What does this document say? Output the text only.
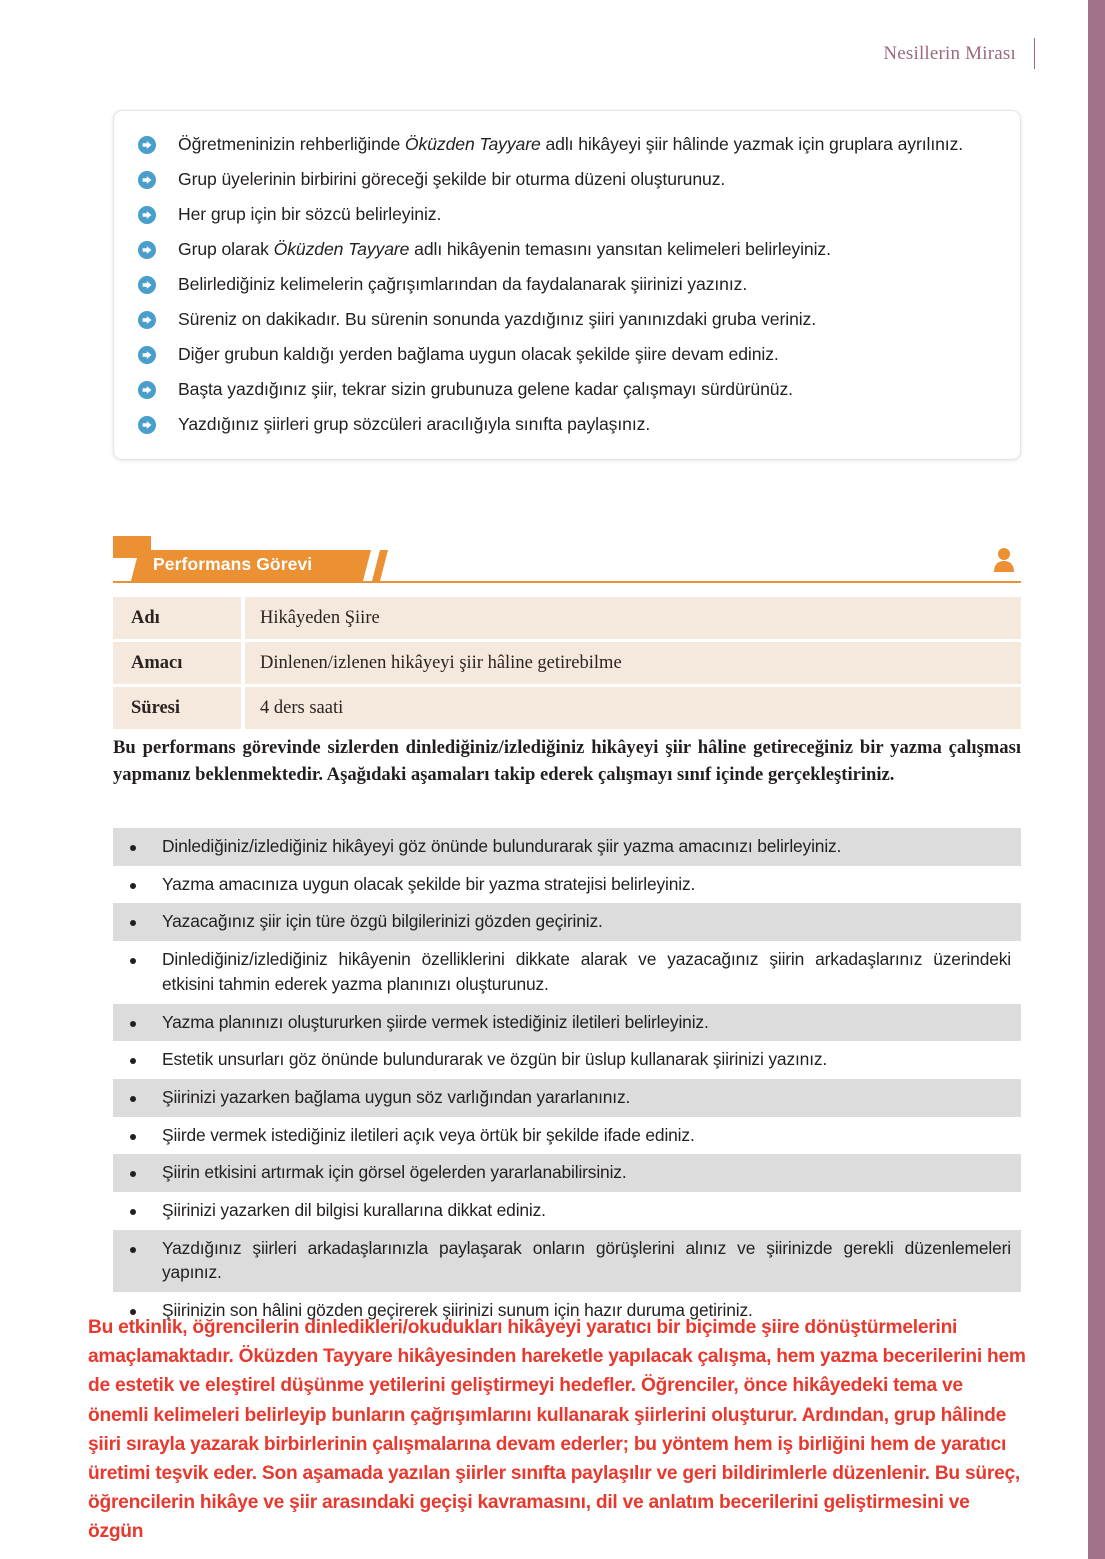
Nesillerin Mirası
Öğretmeninizin rehberliğinde Öküzden Tayyare adlı hikâyeyi şiir hâlinde yazmak için gruplara ayrılınız.
Grup üyelerinin birbirini göreceği şekilde bir oturma düzeni oluşturunuz.
Her grup için bir sözcü belirleyiniz.
Grup olarak Öküzden Tayyare adlı hikâyenin temasını yansıtan kelimeleri belirleyiniz.
Belirlediğiniz kelimelerin çağrışımlarından da faydalanarak şiirinizi yazınız.
Süreniz on dakikadır. Bu sürenin sonunda yazdığınız şiiri yanınızdaki gruba veriniz.
Diğer grubun kaldığı yerden bağlama uygun olacak şekilde şiire devam ediniz.
Başta yazdığınız şiir, tekrar sizin grubunuza gelene kadar çalışmayı sürdürünüz.
Yazdığınız şiirleri grup sözcüleri aracılığıyla sınıfta paylaşınız.
Performans Görevi
Adı	Hikâyeden Şiire
Amacı	Dinlenen/izlenen hikâyeyi şiir hâline getirebilme
Süresi	4 ders saati
Bu performans görevinde sizlerden dinlediğiniz/izlediğiniz hikâyeyi şiir hâline getireceğiniz bir yazma çalışması yapmanız beklenmektedir. Aşağıdaki aşamaları takip ederek çalışmayı sınıf içinde gerçekleştiriniz.
Dinlediğiniz/izlediğiniz hikâyeyi göz önünde bulundurarak şiir yazma amacınızı belirleyiniz.
Yazma amacınıza uygun olacak şekilde bir yazma stratejisi belirleyiniz.
Yazacağınız şiir için türe özgü bilgilerinizi gözden geçiriniz.
Dinlediğiniz/izlediğiniz hikâyenin özelliklerini dikkate alarak ve yazacağınız şiirin arkadaşlarınız üzerindeki etkisini tahmin ederek yazma planınızı oluşturunuz.
Yazma planınızı oluştururken şiirde vermek istediğiniz iletileri belirleyiniz.
Estetik unsurları göz önünde bulundurarak ve özgün bir üslup kullanarak şiirinizi yazınız.
Şiirinizi yazarken bağlama uygun söz varlığından yararlanınız.
Şiirde vermek istediğiniz iletileri açık veya örtük bir şekilde ifade ediniz.
Şiirin etkisini artırmak için görsel ögelerden yararlanabilirsiniz.
Şiirinizi yazarken dil bilgisi kurallarına dikkat ediniz.
Yazdığınız şiirleri arkadaşlarınızla paylaşarak onların görüşlerini alınız ve şiirinizde gerekli düzenlemeleri yapınız.
Şiirinizin son hâlini gözden geçirerek şiirinizi sunum için hazır duruma getiriniz.
Bu etkinlik, öğrencilerin dinledikleri/okudukları hikâyeyi yaratıcı bir biçimde şiire dönüştürmelerini amaçlamaktadır. Öküzden Tayyare hikâyesinden hareketle yapılacak çalışma, hem yazma becerilerini hem de estetik ve eleştirel düşünme yetilerini geliştirmeyi hedefler. Öğrenciler, önce hikâyedeki tema ve önemli kelimeleri belirleyip bunların çağrışımlarını kullanarak şiirlerini oluşturur. Ardından, grup hâlinde şiiri sırayla yazarak birbirlerinin çalışmalarına devam ederler; bu yöntem hem iş birliğini hem de yaratıcı üretimi teşvik eder. Son aşamada yazılan şiirler sınıfta paylaşılır ve geri bildirimlerle düzenlenir. Bu süreç, öğrencilerin hikâye ve şiir arasındaki geçişi kavramasını, dil ve anlatım becerilerini geliştirmesini ve özgün
